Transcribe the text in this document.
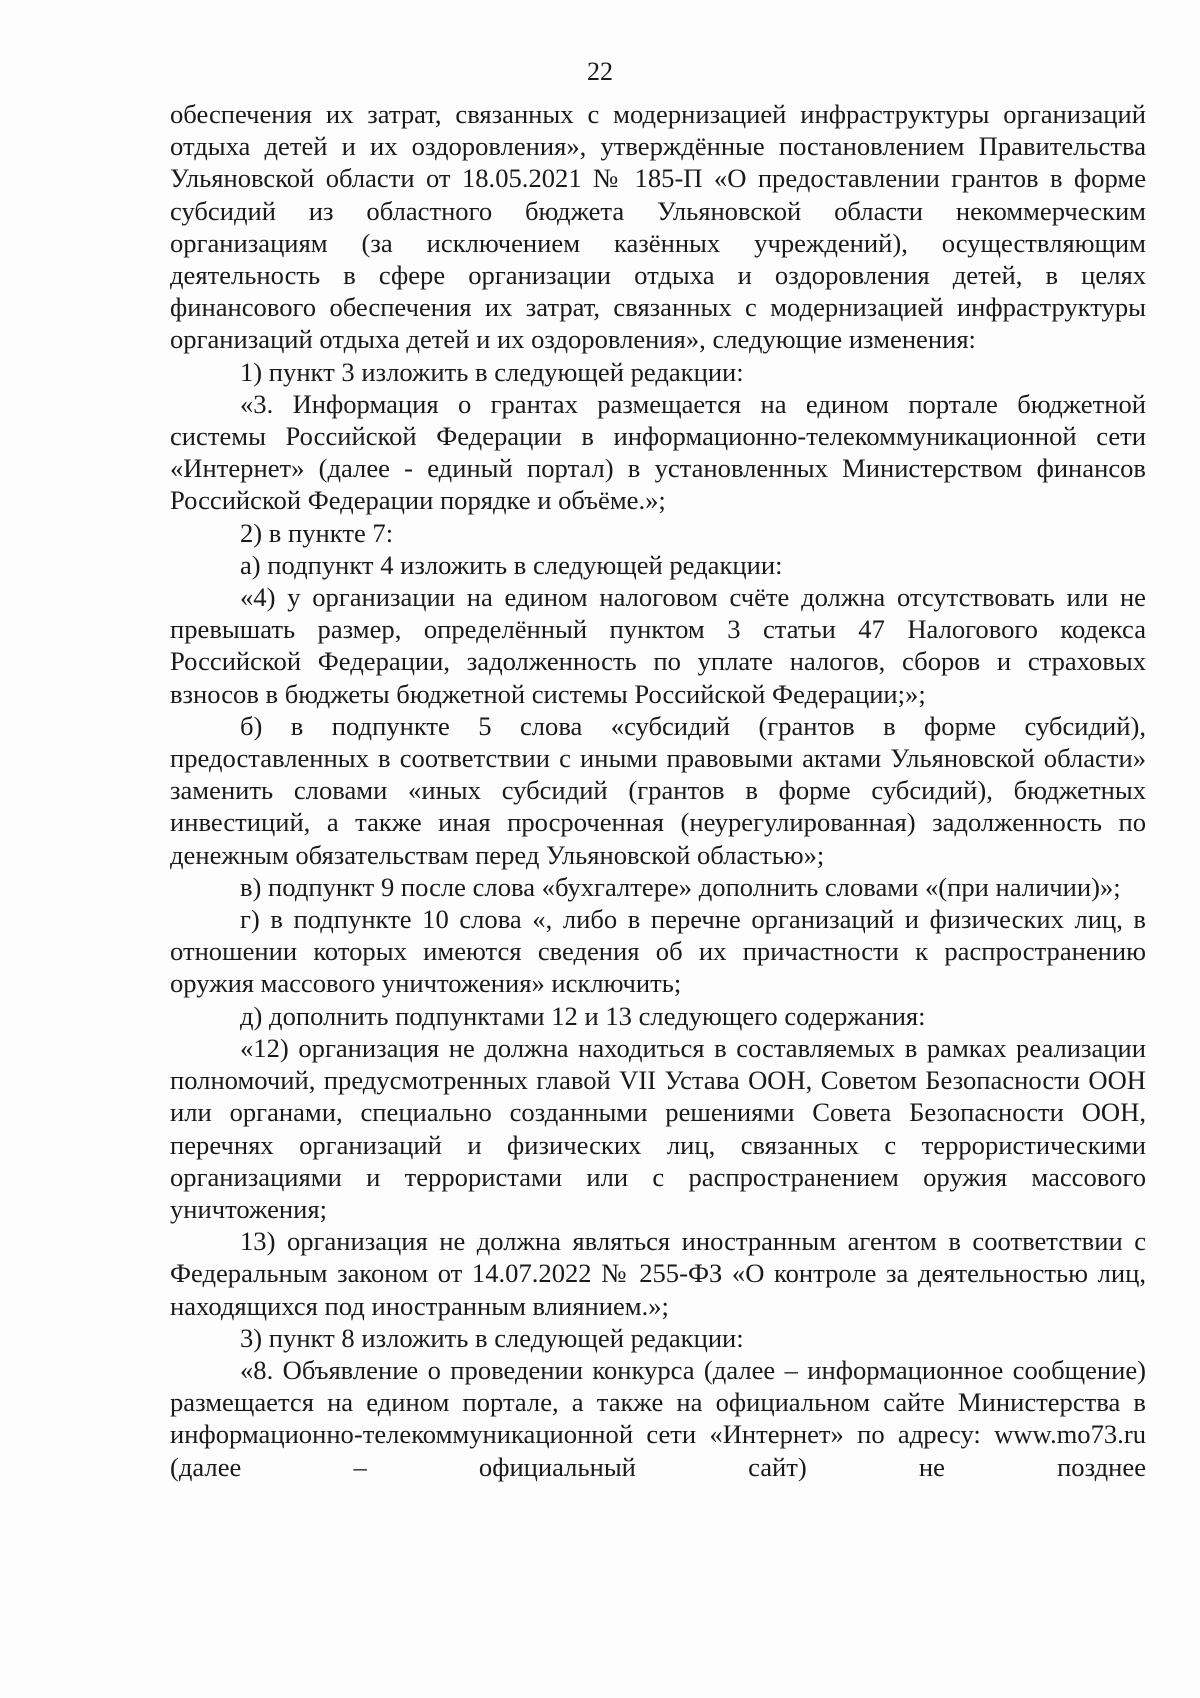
22

обеспечения их затрат, связанных с модернизацией инфраструктуры организаций отдыха детей и их оздоровления», утверждённые постановлением Правительства Ульяновской области от 18.05.2021 № 185-П «О предоставлении грантов в форме субсидий из областного бюджета Ульяновской области некоммерческим организациям (за исключением казённых учреждений), осуществляющим деятельность в сфере организации отдыха и оздоровления детей, в целях финансового обеспечения их затрат, связанных с модернизацией инфраструктуры организаций отдыха детей и их оздоровления», следующие изменения:

1) пункт 3 изложить в следующей редакции:

«3. Информация о грантах размещается на едином портале бюджетной системы Российской Федерации в информационно-телекоммуникационной сети «Интернет» (далее - единый портал) в установленных Министерством финансов Российской Федерации порядке и объёме.»;

2) в пункте 7:

а) подпункт 4 изложить в следующей редакции:

«4) у организации на едином налоговом счёте должна отсутствовать или не превышать размер, определённый пунктом 3 статьи 47 Налогового кодекса Российской Федерации, задолженность по уплате налогов, сборов и страховых взносов в бюджеты бюджетной системы Российской Федерации;»;

б) в подпункте 5 слова «субсидий (грантов в форме субсидий), предоставленных в соответствии с иными правовыми актами Ульяновской области» заменить словами «иных субсидий (грантов в форме субсидий), бюджетных инвестиций, а также иная просроченная (неурегулированная) задолженность по денежным обязательствам перед Ульяновской областью»;

в) подпункт 9 после слова «бухгалтере» дополнить словами «(при наличии)»;

г) в подпункте 10 слова «, либо в перечне организаций и физических лиц, в отношении которых имеются сведения об их причастности к распространению оружия массового уничтожения» исключить;

д) дополнить подпунктами 12 и 13 следующего содержания:

«12) организация не должна находиться в составляемых в рамках реализации полномочий, предусмотренных главой VII Устава ООН, Советом Безопасности ООН или органами, специально созданными решениями Совета Безопасности ООН, перечнях организаций и физических лиц, связанных с террористическими организациями и террористами или с распространением оружия массового уничтожения;

13) организация не должна являться иностранным агентом в соответствии с Федеральным законом от 14.07.2022 № 255-ФЗ «О контроле за деятельностью лиц, находящихся под иностранным влиянием.»;

3) пункт 8 изложить в следующей редакции:

«8. Объявление о проведении конкурса (далее – информационное сообщение) размещается на едином портале, а также на официальном сайте Министерства в информационно-телекоммуникационной сети «Интернет» по адресу: www.mo73.ru (далее – официальный сайт) не позднее
